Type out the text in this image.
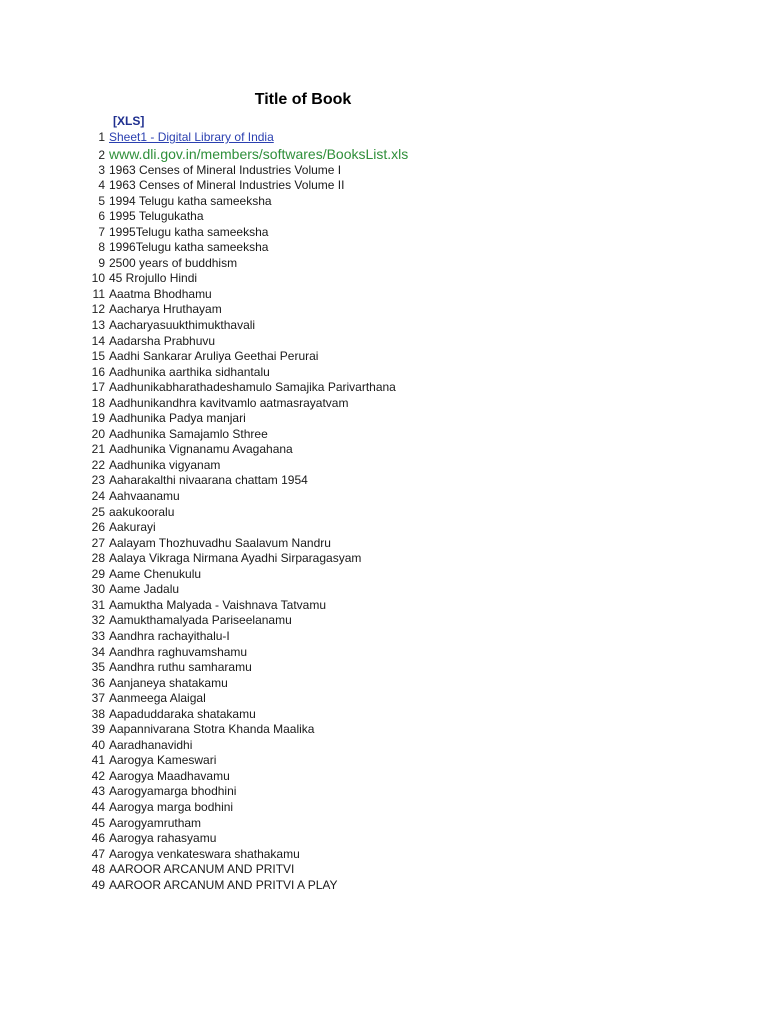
Title of Book
[XLS]
1 Sheet1 - Digital Library of India
2 www.dli.gov.in/members/softwares/BooksList.xls
3 1963 Censes of Mineral Industries Volume I
4 1963 Censes of Mineral Industries Volume II
5 1994 Telugu katha sameeksha
6 1995 Telugukatha
7 1995Telugu katha sameeksha
8 1996Telugu katha sameeksha
9 2500 years of buddhism
10 45 Rrojullo Hindi
11 Aaatma Bhodhamu
12 Aacharya Hruthayam
13 Aacharyasuukthimukthavali
14 Aadarsha Prabhuvu
15 Aadhi Sankarar Aruliya Geethai Perurai
16 Aadhunika aarthika sidhantalu
17 Aadhunikabharathadeshamulo Samajika Parivarthana
18 Aadhunikandhra kavitvamlo aatmasrayatvam
19 Aadhunika Padya manjari
20 Aadhunika Samajamlo Sthree
21 Aadhunika Vignanamu Avagahana
22 Aadhunika vigyanam
23 Aaharakalthi nivaarana chattam 1954
24 Aahvaanamu
25 aakukooralu
26 Aakurayi
27 Aalayam Thozhuvadhu Saalavum Nandru
28 Aalaya Vikraga Nirmana Ayadhi Sirparagasyam
29 Aame Chenukulu
30 Aame Jadalu
31 Aamuktha Malyada - Vaishnava Tatvamu
32 Aamukthamalyada Pariseelanamu
33 Aandhra rachayithalu-I
34 Aandhra raghuvamshamu
35 Aandhra ruthu samharamu
36 Aanjaneya shatakamu
37 Aanmeega Alaigal
38 Aapaduddaraka shatakamu
39 Aapannivarana Stotra Khanda Maalika
40 Aaradhanavidhi
41 Aarogya Kameswari
42 Aarogya Maadhavamu
43 Aarogyamarga bhodhini
44 Aarogya marga bodhini
45 Aarogyamrutham
46 Aarogya rahasyamu
47 Aarogya venkateswara shathakamu
48 AAROOR ARCANUM AND PRITVI
49 AAROOR ARCANUM AND PRITVI A PLAY
